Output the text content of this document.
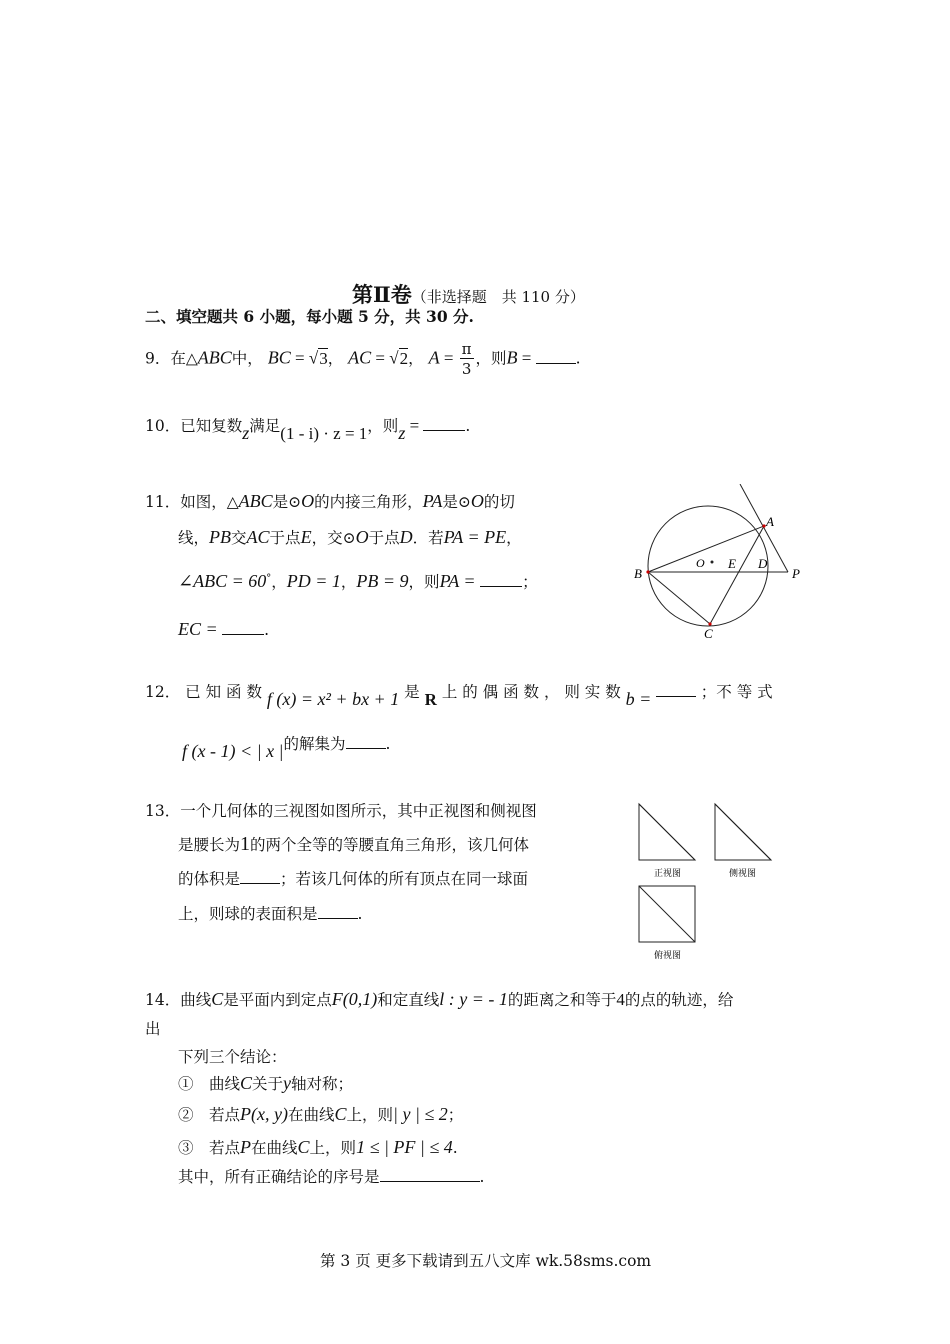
第Ⅱ卷（非选择题　共 110 分）
二、填空题共 6 小题，每小题 5 分，共 30 分.
9．在△ABC中， BC = √3， AC = √2， $A = \frac{\pi}{3}$ ，则B =	.
10．已知复数z满足(1 - i) · z = 1，则z =	.
11．如图，△ABC是⊙O的内接三角形，PA是⊙O的切
线，PB交AC于点E，交⊙O于点D．若PA = PE，
∠ABC = 60°，PD = 1，PB = 9，则PA =	；
EC =	.
A
B
C
D
E
O
P
12． 已 知 函 数 f (x) = x² + bx + 1 是 R 上 的 偶 函 数 ， 则 实 数 b =	；不 等 式
f (x - 1) < | x |的解集为	.
13．一个几何体的三视图如图所示，其中正视图和侧视图
是腰长为1的两个全等的等腰直角三角形，该几何体
的体积是	；若该几何体的所有顶点在同一球面
上，则球的表面积是	.
正视图	侧视图
俯视图
14．曲线C是平面内到定点F(0,1)和定直线l : y = - 1的距离之和等于4的点的轨迹，给
出
下列三个结论：
①　曲线C关于y轴对称；
②　若点P(x, y)在曲线C上，则| y | ≤ 2；
③　若点P在曲线C上，则1 ≤ | PF | ≤ 4.
其中，所有正确结论的序号是	.
第 3 页 更多下载请到五八文库 wk.58sms.com
